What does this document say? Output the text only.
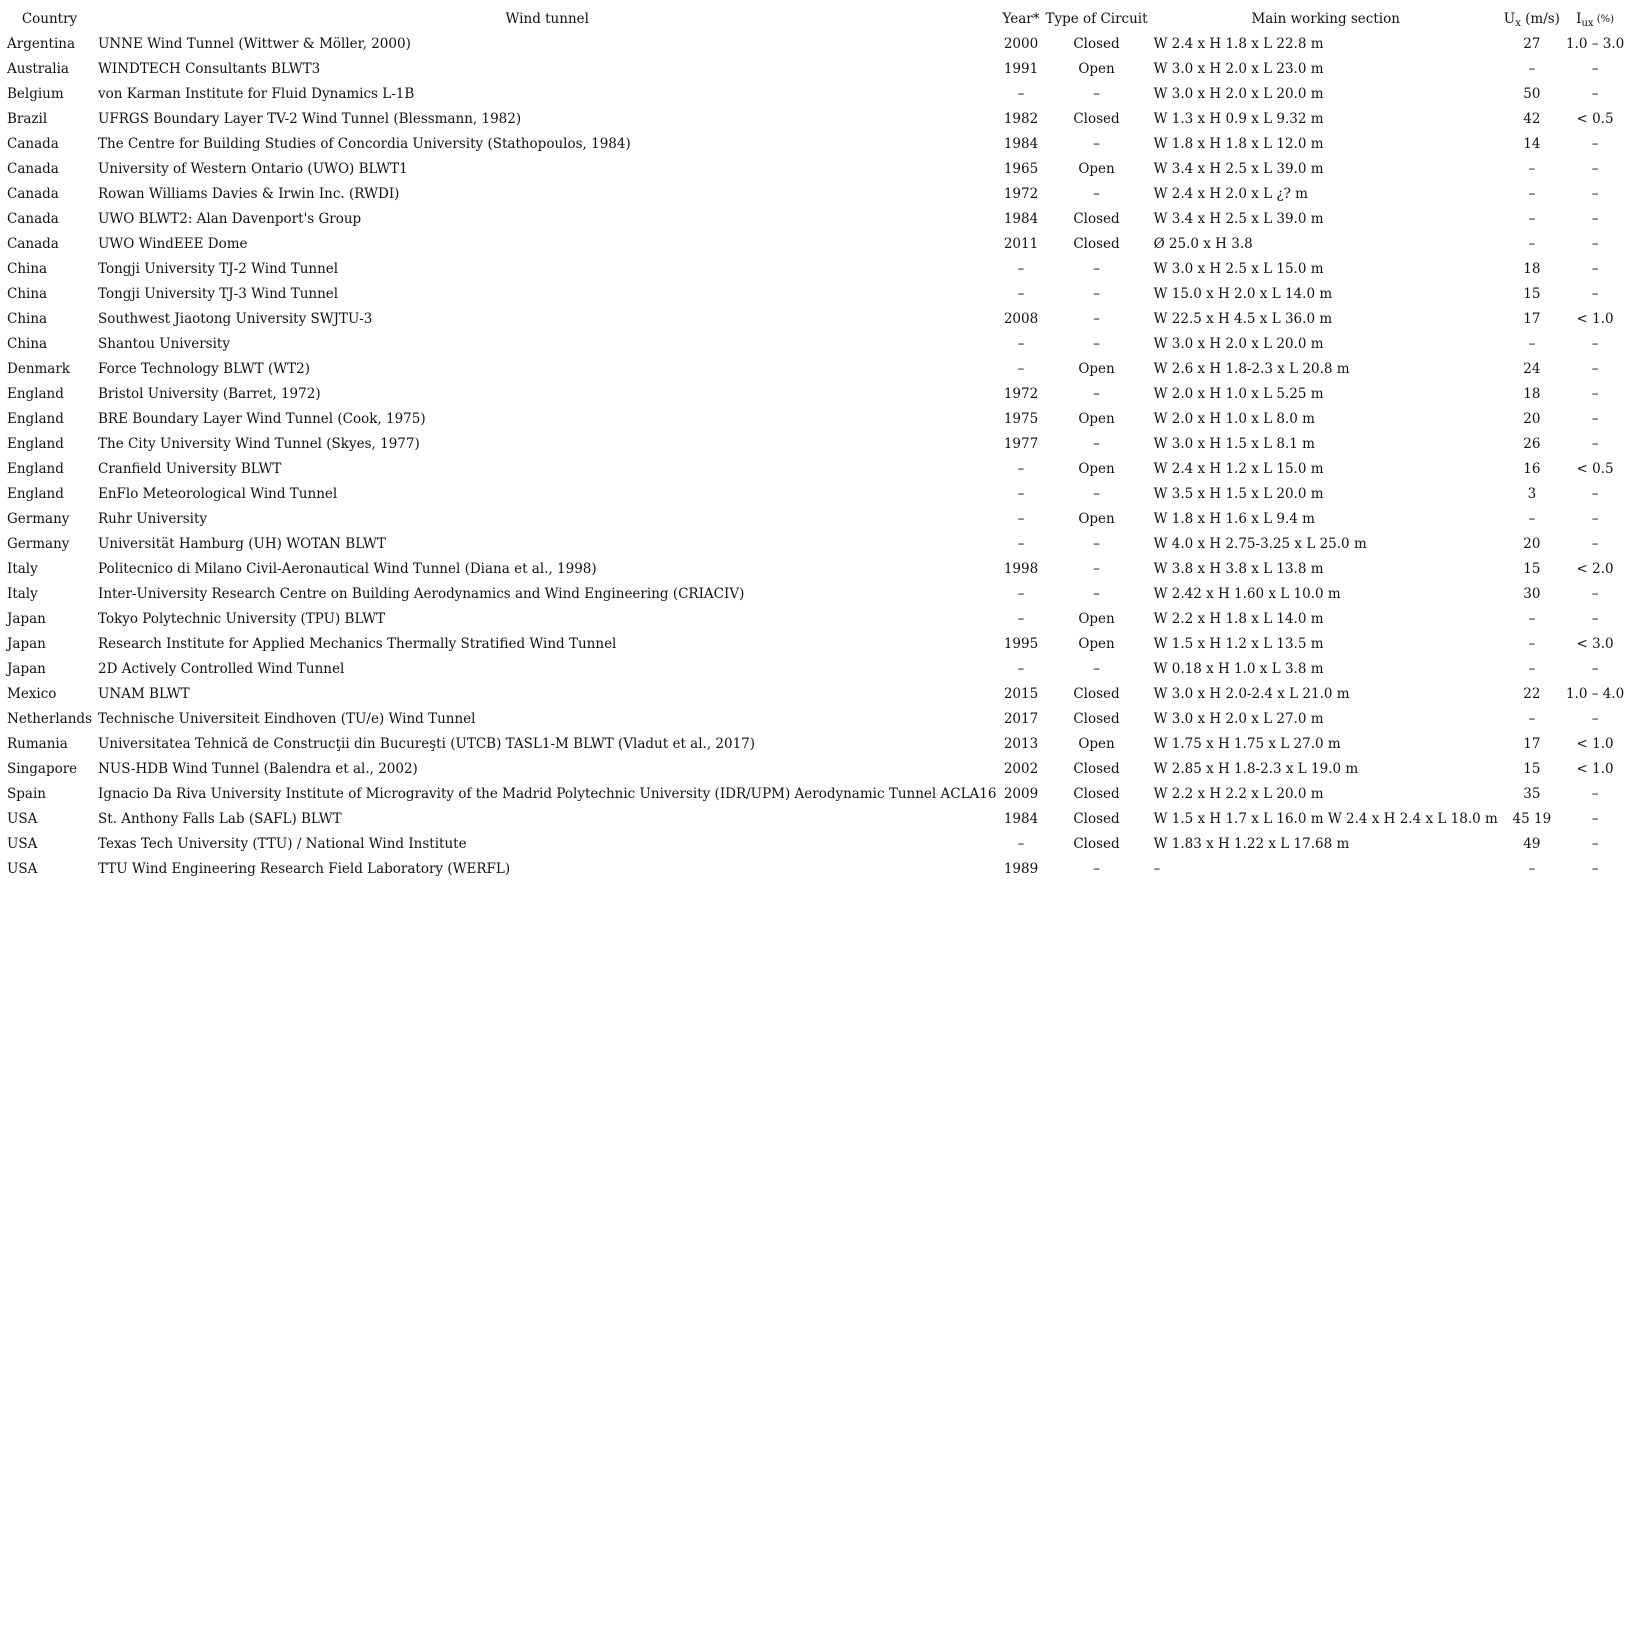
Country	Wind tunnel	Year*	Type of Circuit	Main working section	$U_x$ (m/s)	$I_{ux}$ (%)
Argentina	UNNE Wind Tunnel (Wittwer & Möller, 2000)	2000	Closed	W 2.4 x H 1.8 x L 22.8 m	27	1.0 – 3.0
Australia	WINDTECH Consultants BLWT3	1991	Open	W 3.0 x H 2.0 x L 23.0 m	–	–
Belgium	von Karman Institute for Fluid Dynamics L-1B	–	–	W 3.0 x H 2.0 x L 20.0 m	50	–
Brazil	UFRGS Boundary Layer TV-2 Wind Tunnel (Blessmann, 1982)	1982	Closed	W 1.3 x H 0.9 x L 9.32 m	42	< 0.5
Canada	The Centre for Building Studies of Concordia University (Stathopoulos, 1984)	1984	–	W 1.8 x H 1.8 x L 12.0 m	14	–
Canada	University of Western Ontario (UWO) BLWT1	1965	Open	W 3.4 x H 2.5 x L 39.0 m	–	–
Canada	Rowan Williams Davies & Irwin Inc. (RWDI)	1972	–	W 2.4 x H 2.0 x L ¿? m	–	–
Canada	UWO BLWT2: Alan Davenport's Group	1984	Closed	W 3.4 x H 2.5 x L 39.0 m	–	–
Canada	UWO WindEEE Dome	2011	Closed	Ø 25.0 x H 3.8	–	–
China	Tongji University TJ-2 Wind Tunnel	–	–	W 3.0 x H 2.5 x L 15.0 m	18	–
China	Tongji University TJ-3 Wind Tunnel	–	–	W 15.0 x H 2.0 x L 14.0 m	15	–
China	Southwest Jiaotong University SWJTU-3	2008	–	W 22.5 x H 4.5 x L 36.0 m	17	< 1.0
China	Shantou University	–	–	W 3.0 x H 2.0 x L 20.0 m	–	–
Denmark	Force Technology BLWT (WT2)	–	Open	W 2.6 x H 1.8-2.3 x L 20.8 m	24	–
England	Bristol University (Barret, 1972)	1972	–	W 2.0 x H 1.0 x L 5.25 m	18	–
England	BRE Boundary Layer Wind Tunnel (Cook, 1975)	1975	Open	W 2.0 x H 1.0 x L 8.0 m	20	–
England	The City University Wind Tunnel (Skyes, 1977)	1977	–	W 3.0 x H 1.5 x L 8.1 m	26	–
England	Cranfield University BLWT	–	Open	W 2.4 x H 1.2 x L 15.0 m	16	< 0.5
England	EnFlo Meteorological Wind Tunnel	–	–	W 3.5 x H 1.5 x L 20.0 m	3	–
Germany	Ruhr University	–	Open	W 1.8 x H 1.6 x L 9.4 m	–	–
Germany	Universität Hamburg (UH) WOTAN BLWT	–	–	W 4.0 x H 2.75-3.25 x L 25.0 m	20	–
Italy	Politecnico di Milano Civil-Aeronautical Wind Tunnel (Diana et al., 1998)	1998	–	W 3.8 x H 3.8 x L 13.8 m	15	< 2.0
Italy	Inter-University Research Centre on Building Aerodynamics and Wind Engineering (CRIACIV)	–	–	W 2.42 x H 1.60 x L 10.0 m	30	–
Japan	Tokyo Polytechnic University (TPU) BLWT	–	Open	W 2.2 x H 1.8 x L 14.0 m	–	–
Japan	Research Institute for Applied Mechanics Thermally Stratified Wind Tunnel	1995	Open	W 1.5 x H 1.2 x L 13.5 m	–	< 3.0
Japan	2D Actively Controlled Wind Tunnel	–	–	W 0.18 x H 1.0 x L 3.8 m	–	–
Mexico	UNAM BLWT	2015	Closed	W 3.0 x H 2.0-2.4 x L 21.0 m	22	1.0 – 4.0
Netherlands	Technische Universiteit Eindhoven (TU/e) Wind Tunnel	2017	Closed	W 3.0 x H 2.0 x L 27.0 m	–	–
Rumania	Universitatea Tehnică de Construcţii din Bucureşti (UTCB) TASL1-M BLWT (Vladut et al., 2017)	2013	Open	W 1.75 x H 1.75 x L 27.0 m	17	< 1.0
Singapore	NUS-HDB Wind Tunnel (Balendra et al., 2002)	2002	Closed	W 2.85 x H 1.8-2.3 x L 19.0 m	15	< 1.0
Spain	Ignacio Da Riva University Institute of Microgravity of the Madrid Polytechnic University (IDR/UPM) Aerodynamic Tunnel ACLA16	2009	Closed	W 2.2 x H 2.2 x L 20.0 m	35	–
USA	St. Anthony Falls Lab (SAFL) BLWT	1984	Closed	W 1.5 x H 1.7 x L 16.0 m W 2.4 x H 2.4 x L 18.0 m	45 19	–
USA	Texas Tech University (TTU) / National Wind Institute	–	Closed	W 1.83 x H 1.22 x L 17.68 m	49	–
USA	TTU Wind Engineering Research Field Laboratory (WERFL)	1989	–	–	–	–
